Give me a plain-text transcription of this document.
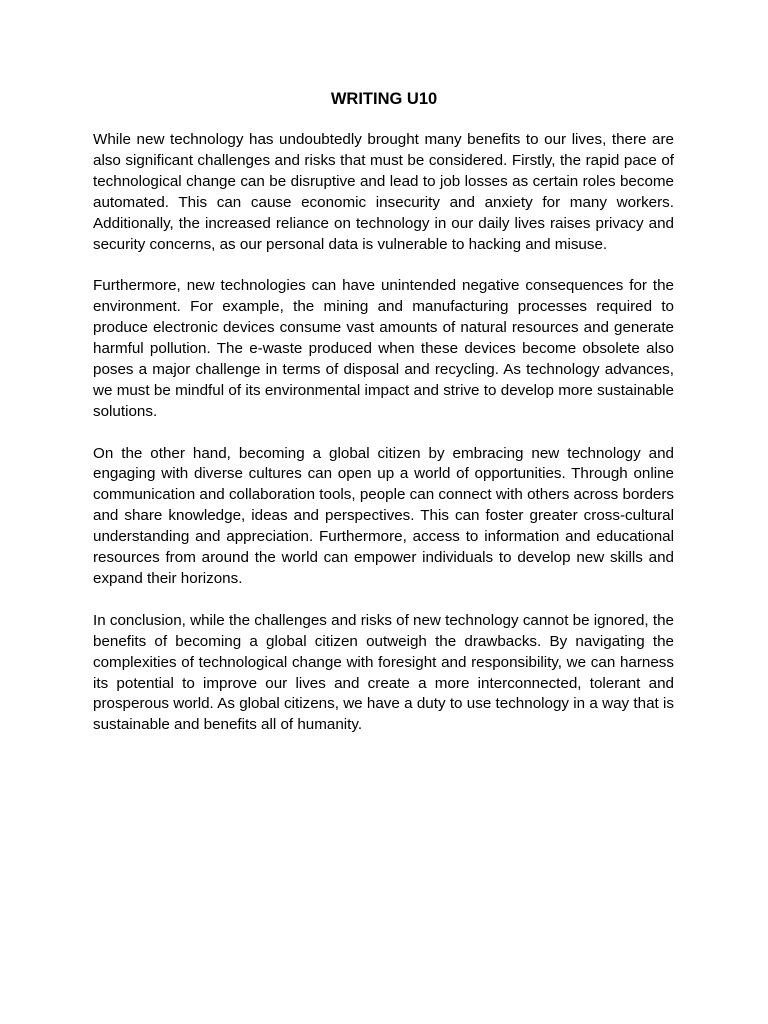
WRITING U10

While new technology has undoubtedly brought many benefits to our lives, there are also significant challenges and risks that must be considered. Firstly, the rapid pace of technological change can be disruptive and lead to job losses as certain roles become automated. This can cause economic insecurity and anxiety for many workers. Additionally, the increased reliance on technology in our daily lives raises privacy and security concerns, as our personal data is vulnerable to hacking and misuse.

Furthermore, new technologies can have unintended negative consequences for the environment. For example, the mining and manufacturing processes required to produce electronic devices consume vast amounts of natural resources and generate harmful pollution. The e-waste produced when these devices become obsolete also poses a major challenge in terms of disposal and recycling. As technology advances, we must be mindful of its environmental impact and strive to develop more sustainable solutions.

On the other hand, becoming a global citizen by embracing new technology and engaging with diverse cultures can open up a world of opportunities. Through online communication and collaboration tools, people can connect with others across borders and share knowledge, ideas and perspectives. This can foster greater cross-cultural understanding and appreciation. Furthermore, access to information and educational resources from around the world can empower individuals to develop new skills and expand their horizons.

In conclusion, while the challenges and risks of new technology cannot be ignored, the benefits of becoming a global citizen outweigh the drawbacks. By navigating the complexities of technological change with foresight and responsibility, we can harness its potential to improve our lives and create a more interconnected, tolerant and prosperous world. As global citizens, we have a duty to use technology in a way that is sustainable and benefits all of humanity.
